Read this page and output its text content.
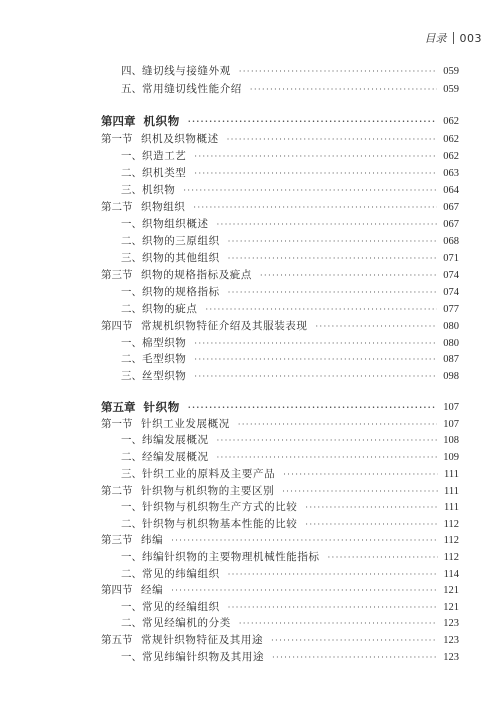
目录 003
四、 缝切线与接缝外观 ·····	059
五、 常用缝切线性能介绍 ·····	059
第四章 机织物 ·····	062
第一节 织机及织物概述 ·····	062
一、 织造工艺 ·····	062
二、 织机类型 ·····	063
三、 机织物 ·····	064
第二节 织物组织 ·····	067
一、 织物组织概述 ·····	067
二、 织物的三原组织 ·····	068
三、 织物的其他组织 ·····	071
第三节 织物的规格指标及疵点 ·····	074
一、 织物的规格指标 ·····	074
二、 织物的疵点 ·····	077
第四节 常规机织物特征介绍及其服装表现 ·····	080
一、 棉型织物 ·····	080
二、 毛型织物 ·····	087
三、 丝型织物 ·····	098
第五章 针织物 ·····	107
第一节 针织工业发展概况 ·····	107
一、 纬编发展概况 ·····	108
二、 经编发展概况 ·····	109
三、 针织工业的原料及主要产品 ·····	111
第二节 针织物与机织物的主要区别 ·····	111
一、 针织物与机织物生产方式的比较 ·····	111
二、 针织物与机织物基本性能的比较 ·····	112
第三节 纬编 ·····	112
一、 纬编针织物的主要物理机械性能指标 ·····	112
二、 常见的纬编组织 ·····	114
第四节 经编 ·····	121
一、 常见的经编组织 ·····	121
二、 常见经编机的分类 ·····	123
第五节 常规针织物特征及其用途 ·····	123
一、 常见纬编针织物及其用途 ·····	123
